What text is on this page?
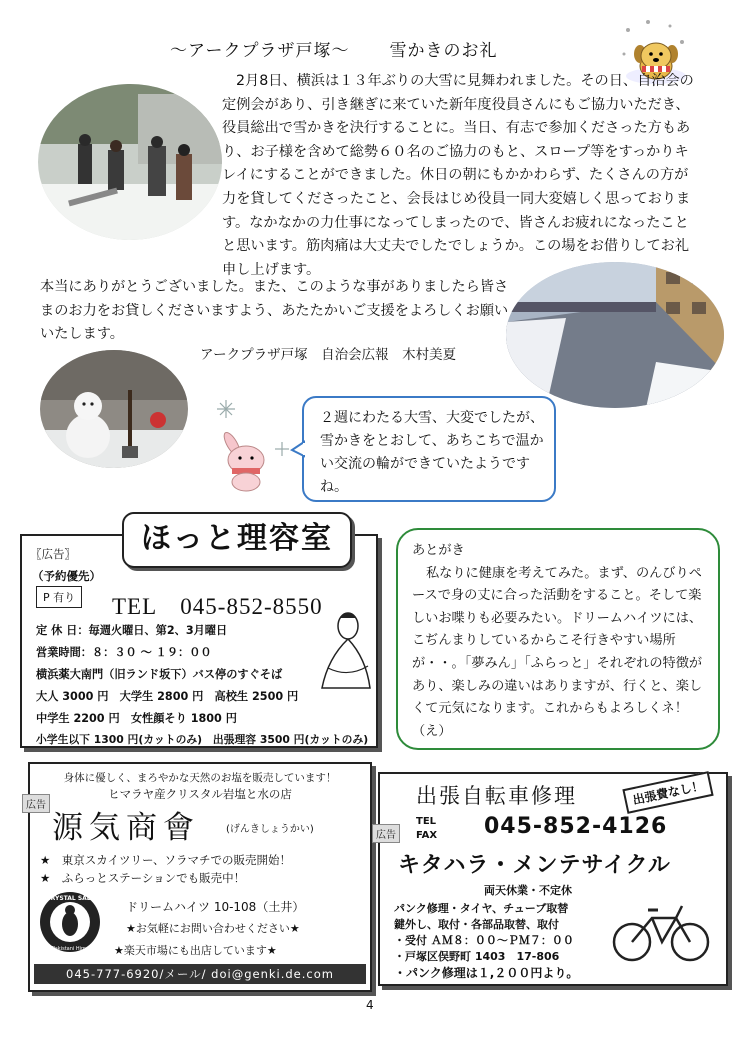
～アークプラザ戸塚～ 雪かきのお礼
2月8日、横浜は１３年ぶりの大雪に見舞われました。その日、自治会の定例会があり、引き継ぎに来ていた新年度役員さんにもご協力いただき、役員総出で雪かきを決行することに。当日、有志で参加くださった方もあり、お子様を含めて総勢６０名のご協力のもと、スロープ等をすっかりキレイにすることができました。休日の朝にもかかわらず、たくさんの方が力を貸してくださったこと、会長はじめ役員一同大変嬉しく思っております。なかなかの力仕事になってしまったので、皆さんお疲れになったことと思います。筋肉痛は大丈夫でしたでしょうか。この場をお借りしてお礼申し上げます。
本当にありがとうございました。また、このような事がありましたら皆さまのお力をお貸しくださいますよう、あたたかいご支援をよろしくお願いいたします。
アークプラザ戸塚　自治会広報　木村美夏
２週にわたる大雪、大変でしたが、雪かきをとおして、あちこちで温かい交流の輪ができていたようですね。
〖広告〗
（予約優先）
P 有り	TEL　045-852-8550
定 休 日：毎週火曜日、第2、3月曜日
営業時間：８：３０ ～ １９：００
横浜薬大南門（旧ランド坂下）バス停のすぐそば
大人 3000 円　大学生 2800 円　高校生 2500 円
中学生 2200 円　女性顔そり 1800 円
小学生以下 1300 円(カットのみ)　出張理容 3500 円(カットのみ)
ほっと理容室	あとがき
私なりに健康を考えてみた。まず、のんびりペースで身の丈に合った活動をすること。そして楽しいお喋りも必要みたい。ドリームハイツには、こぢんまりしているからこそ行きやすい場所が・・。「夢みん」「ふらっと」それぞれの特徴があり、楽しみの違いはありますが、行くと、楽しくて元気になります。これからもよろしくネ！（え）
身体に優しく、まろやかな天然のお塩を販売しています！
ヒマラヤ産クリスタル岩塩と水の店
広告
源気商會	(げんきしょうかい)
★　東京スカイツリー、ソラマチでの販売開始！
★　ふらっとステーションでも販売中！
CRYSTAL SALT
From Pakistani Himalayas
ドリームハイツ 10-108（土井）
★お気軽にお問い合わせください★
★楽天市場にも出店しています★
045-777-6920/メール/ doi@genki.de.com
出張自転車修理	出張費なし！
広告
TEL
FAX 045-852-4126
キタハラ・メンテサイクル
両天休業・不定休
パンク修理・タイヤ、チューブ取替
鍵外し、取付・各部品取替、取付
・受付 ＡＭ８：００～ＰＭ７：００
・戸塚区俣野町 1403　17-806
・パンク修理は１,２００円より。
4
